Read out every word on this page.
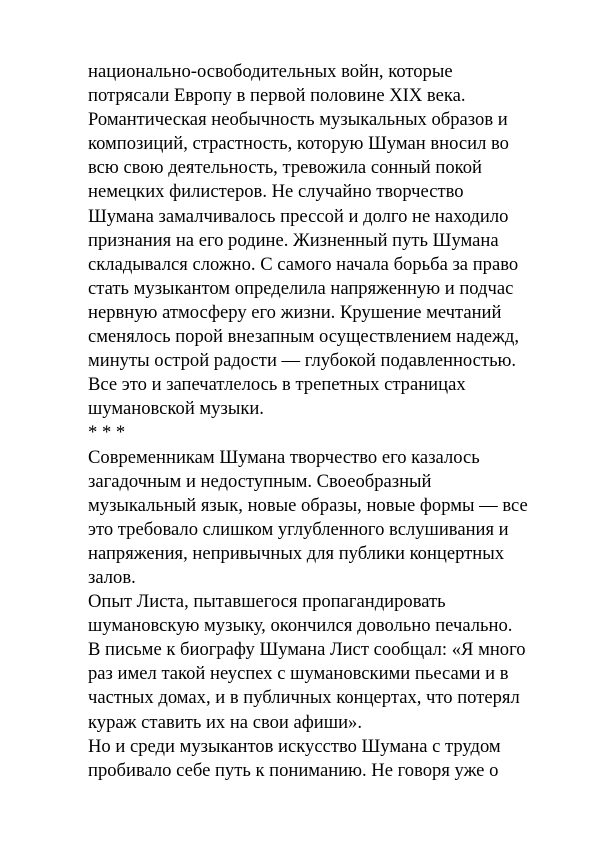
национально-освободительных войн, которые
потрясали Европу в первой половине XIX века.
Романтическая необычность музыкальных образов и
композиций, страстность, которую Шуман вносил во
всю свою деятельность, тревожила сонный покой
немецких филистеров. Не случайно творчество
Шумана замалчивалось прессой и долго не находило
признания на его родине. Жизненный путь Шумана
складывался сложно. С самого начала борьба за право
стать музыкантом определила напряженную и подчас
нервную атмосферу его жизни. Крушение мечтаний
сменялось порой внезапным осуществлением надежд,
минуты острой радости — глубокой подавленностью.
Все это и запечатлелось в трепетных страницах
шумановской музыки.
* * *
Современникам Шумана творчество его казалось
загадочным и недоступным. Своеобразный
музыкальный язык, новые образы, новые формы — все
это требовало слишком углубленного вслушивания и
напряжения, непривычных для публики концертных
залов.
Опыт Листа, пытавшегося пропагандировать
шумановскую музыку, окончился довольно печально.
В письме к биографу Шумана Лист сообщал: «Я много
раз имел такой неуспех с шумановскими пьесами и в
частных домах, и в публичных концертах, что потерял
кураж ставить их на свои афиши».
Но и среди музыкантов искусство Шумана с трудом
пробивало себе путь к пониманию. Не говоря уже о
